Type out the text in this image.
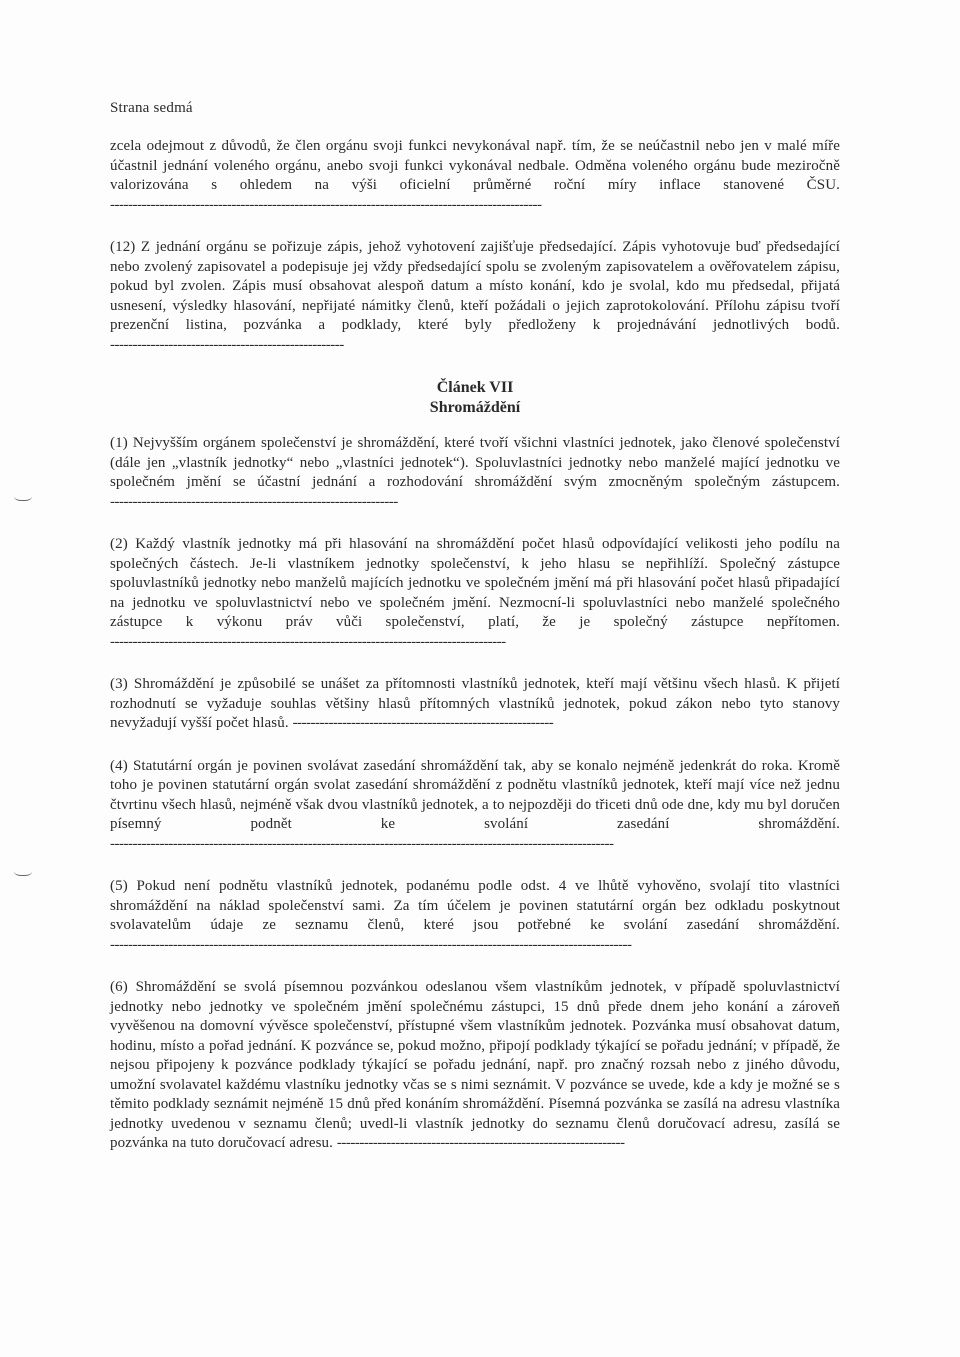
Strana sedmá

zcela odejmout z důvodů, že člen orgánu svoji funkci nevykonával např. tím, že se neúčastnil nebo jen v malé míře účastnil jednání voleného orgánu, anebo svoji funkci vykonával nedbale. Odměna voleného orgánu bude meziročně valorizována s ohledem na výši oficielní průměrné roční míry inflace stanovené ČSU. ------------------------------------------------------------------------------------------------

(12) Z jednání orgánu se pořizuje zápis, jehož vyhotovení zajišťuje předsedající. Zápis vyhotovuje buď předsedající nebo zvolený zapisovatel a podepisuje jej vždy předsedající spolu se zvoleným zapisovatelem a ověřovatelem zápisu, pokud byl zvolen. Zápis musí obsahovat alespoň datum a místo konání, kdo je svolal, kdo mu předsedal, přijatá usnesení, výsledky hlasování, nepřijaté námitky členů, kteří požádali o jejich zaprotokolování. Přílohu zápisu tvoří prezenční listina, pozvánka a podklady, které byly předloženy k projednávání jednotlivých bodů. ----------------------------------------------------

Článek VII
Shromáždění

(1) Nejvyšším orgánem společenství je shromáždění, které tvoří všichni vlastníci jednotek, jako členové společenství (dále jen „vlastník jednotky“ nebo „vlastníci jednotek“). Spoluvlastníci jednotky nebo manželé mající jednotku ve společném jmění se účastní jednání a rozhodování shromáždění svým zmocněným společným zástupcem. ----------------------------------------------------------------

(2) Každý vlastník jednotky má při hlasování na shromáždění počet hlasů odpovídající velikosti jeho podílu na společných částech. Je-li vlastníkem jednotky společenství, k jeho hlasu se nepřihlíží. Společný zástupce spoluvlastníků jednotky nebo manželů majících jednotku ve společném jmění má při hlasování počet hlasů připadající na jednotku ve spoluvlastnictví nebo ve společném jmění. Nezmocní-li spoluvlastníci nebo manželé společného zástupce k výkonu práv vůči společenství, platí, že je společný zástupce nepřítomen. ----------------------------------------------------------------------------------------

(3) Shromáždění je způsobilé se unášet za přítomnosti vlastníků jednotek, kteří mají většinu všech hlasů. K přijetí rozhodnutí se vyžaduje souhlas většiny hlasů přítomných vlastníků jednotek, pokud zákon nebo tyto stanovy nevyžadují vyšší počet hlasů. ----------------------------------------------------------

(4) Statutární orgán je povinen svolávat zasedání shromáždění tak, aby se konalo nejméně jedenkrát do roka. Kromě toho je povinen statutární orgán svolat zasedání shromáždění z podnětu vlastníků jednotek, kteří mají více než jednu čtvrtinu všech hlasů, nejméně však dvou vlastníků jednotek, a to nejpozději do třiceti dnů ode dne, kdy mu byl doručen písemný podnět ke svolání zasedání shromáždění. ----------------------------------------------------------------------------------------------------------------

(5) Pokud není podnětu vlastníků jednotek, podanému podle odst. 4 ve lhůtě vyhověno, svolají tito vlastníci shromáždění na náklad společenství sami. Za tím účelem je povinen statutární orgán bez odkladu poskytnout svolavatelům údaje ze seznamu členů, které jsou potřebné ke svolání zasedání shromáždění. --------------------------------------------------------------------------------------------------------------------

(6) Shromáždění se svolá písemnou pozvánkou odeslanou všem vlastníkům jednotek, v případě spoluvlastnictví jednotky nebo jednotky ve společném jmění společnému zástupci, 15 dnů přede dnem jeho konání a zároveň vyvěšenou na domovní vývěsce společenství, přístupné všem vlastníkům jednotek. Pozvánka musí obsahovat datum, hodinu, místo a pořad jednání. K pozvánce se, pokud možno, připojí podklady týkající se pořadu jednání; v případě, že nejsou připojeny k pozvánce podklady týkající se pořadu jednání, např. pro značný rozsah nebo z jiného důvodu, umožní svolavatel každému vlastníku jednotky včas se s nimi seznámit. V pozvánce se uvede, kde a kdy je možné se s těmito podklady seznámit nejméně 15 dnů před konáním shromáždění. Písemná pozvánka se zasílá na adresu vlastníka jednotky uvedenou v seznamu členů; uvedl-li vlastník jednotky do seznamu členů doručovací adresu, zasílá se pozvánka na tuto doručovací adresu. ----------------------------------------------------------------
